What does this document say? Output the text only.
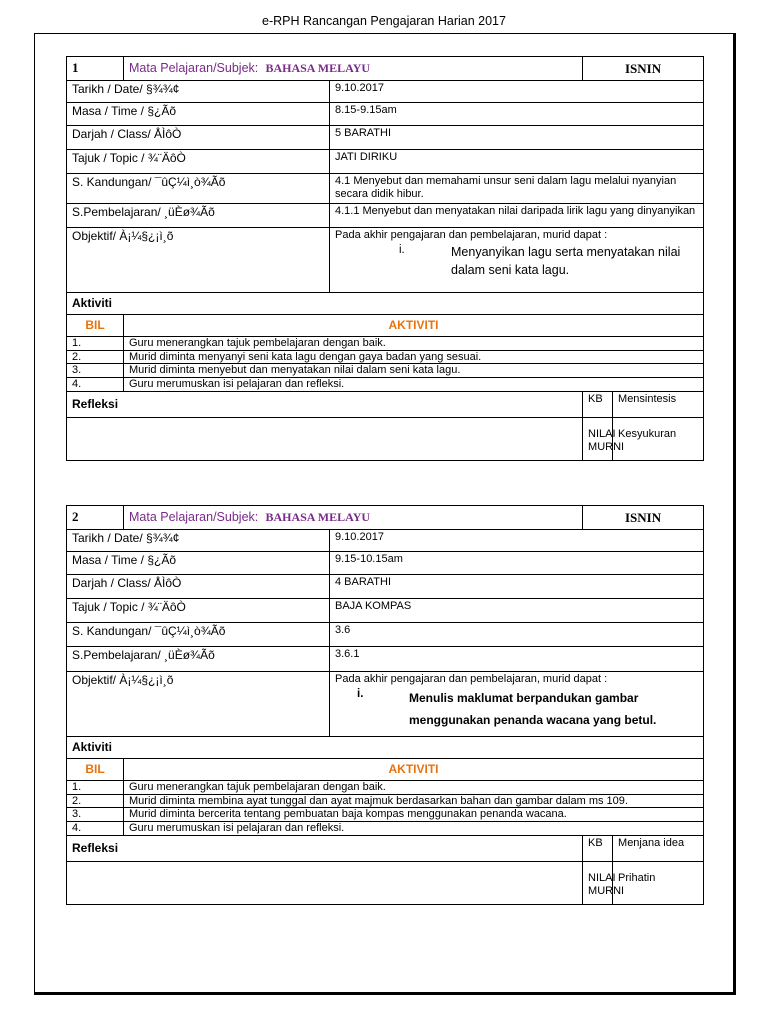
e-RPH Rancangan Pengajaran Harian 2017
1	Mata Pelajaran/Subjek: BAHASA MELAYU		ISNIN	
Tarikh / Date/ §¾¾¢		9.10.2017		
Masa / Time / §¿Ãõ		8.15-9.15am		
Darjah / Class/ ÅÌôÒ		5 BARATHI		
Tajuk / Topic / ¾¨ÄôÒ		JATI DIRIKU		
S. Kandungan/ ¯ûÇ¼ì¸ò¾Ãõ		4.1 Menyebut dan memahami unsur seni dalam lagu melalui nyanyian secara didik hibur.		
S.Pembelajaran/ ¸üÈø¾Ãõ		4.1.1 Menyebut dan menyatakan nilai daripada lirik lagu yang dinyanyikan		
Objektif/ À¡¼§¿¡ì¸õ		Pada akhir pengajaran dan pembelajaran, murid dapat :
i. Menyanyikan lagu serta menyatakan nilai dalam seni kata lagu.		

Aktiviti				
BIL	AKTIVITI			
1.	Guru menerangkan tajuk pembelajaran dengan baik.			
2.	Murid diminta menyanyi seni kata lagu dengan gaya badan yang sesuai.			
3.	Murid diminta menyebut dan menyatakan nilai dalam seni kata lagu.			
4.	Guru merumuskan isi pelajaran dan refleksi.			
Refleksi			KB	Mensintesis
			NILAI MURNI	Kesyukuran
2	Mata Pelajaran/Subjek: BAHASA MELAYU		ISNIN	
Tarikh / Date/ §¾¾¢		9.10.2017		
Masa / Time / §¿Ãõ		9.15-10.15am		
Darjah / Class/ ÅÌôÒ		4 BARATHI		
Tajuk / Topic / ¾¨ÄôÒ		BAJA KOMPAS		
S. Kandungan/ ¯ûÇ¼ì¸ò¾Ãõ		3.6		
S.Pembelajaran/ ¸üÈø¾Ãõ		3.6.1		
Objektif/ À¡¼§¿¡ì¸õ		Pada akhir pengajaran dan pembelajaran, murid dapat :
i. Menulis maklumat berpandukan gambar menggunakan penanda wacana yang betul.		

Aktiviti				
BIL	AKTIVITI			
1.	Guru menerangkan tajuk pembelajaran dengan baik.			
2.	Murid diminta membina ayat tunggal dan ayat majmuk berdasarkan bahan dan gambar dalam ms 109.			
3.	Murid diminta bercerita tentang pembuatan baja kompas menggunakan penanda wacana.			
4.	Guru merumuskan isi pelajaran dan refleksi.			
Refleksi			KB	Menjana idea
			NILAI MURNI	Prihatin
